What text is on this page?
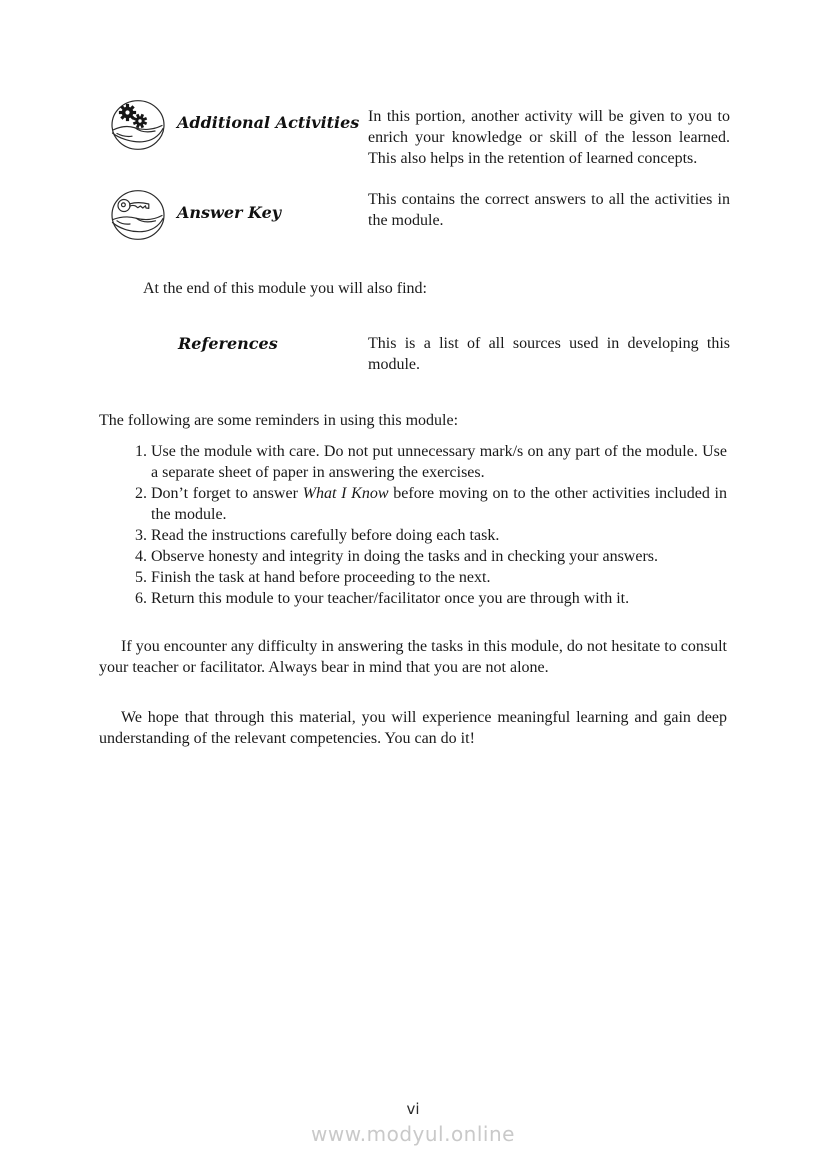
Additional Activities In this portion, another activity will be given to you to enrich your knowledge or skill of the lesson learned. This also helps in the retention of learned concepts.
Answer Key
This contains the correct answers to all the activities in the module.
At the end of this module you will also find:
References	This is a list of all sources used in developing this module.
The following are some reminders in using this module:
1. Use the module with care. Do not put unnecessary mark/s on any part of the module. Use a separate sheet of paper in answering the exercises.
2. Don’t forget to answer What I Know before moving on to the other activities included in the module.
3. Read the instructions carefully before doing each task.
4. Observe honesty and integrity in doing the tasks and in checking your answers.
5. Finish the task at hand before proceeding to the next.
6. Return this module to your teacher/facilitator once you are through with it.

If you encounter any difficulty in answering the tasks in this module, do not hesitate to consult your teacher or facilitator. Always bear in mind that you are not alone.

We hope that through this material, you will experience meaningful learning and gain deep understanding of the relevant competencies. You can do it!

vi
www.modyul.online
